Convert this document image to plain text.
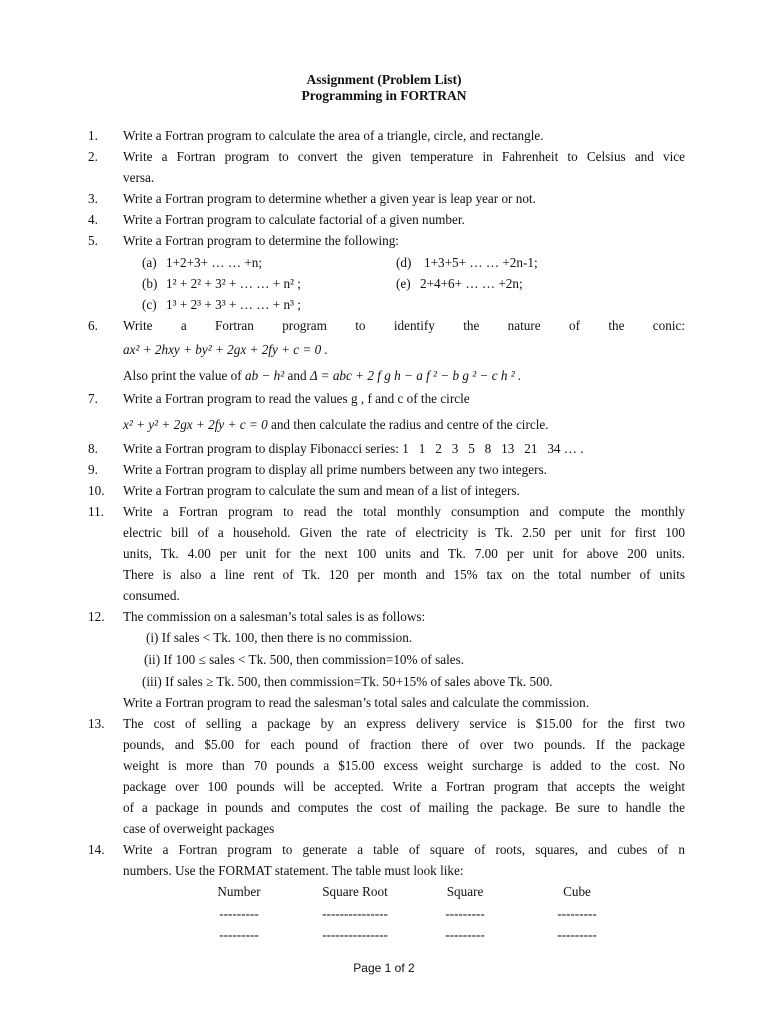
Assignment (Problem List)
Programming in FORTRAN
1.	Write a Fortran program to calculate the area of a triangle, circle, and rectangle.
2.	Write a Fortran program to convert the given temperature in Fahrenheit to Celsius and vice
versa.
3.	Write a Fortran program to determine whether a given year is leap year or not.
4.	Write a Fortran program to calculate factorial of a given number.
5.	Write a Fortran program to determine the following:
(a) 1+2+3+ … … +n;	(d) 1+3+5+ … … +2n-1;
(b) 1² + 2² + 3² + … … + n² ;	(e) 2+4+6+ … … +2n;
(c) 1³ + 2³ + 3³ + … … + n³ ;
6.	Write a Fortran program to identify the nature of the conic:
ax² + 2hxy + by² + 2gx + 2fy + c = 0 .
Also print the value of ab − h² and Δ = abc + 2 f g h − a f ² − b g ² − c h ² .
7.	Write a Fortran program to read the values g , f and c of the circle
x² + y² + 2gx + 2fy + c = 0 and then calculate the radius and centre of the circle.
8.	Write a Fortran program to display Fibonacci series: 1   1   2   3   5   8   13   21   34 … .
9.	Write a Fortran program to display all prime numbers between any two integers.
10.	Write a Fortran program to calculate the sum and mean of a list of integers.
11.	Write a Fortran program to read the total monthly consumption and compute the monthly
electric bill of a household. Given the rate of electricity is Tk. 2.50 per unit for first 100
units, Tk. 4.00 per unit for the next 100 units and Tk. 7.00 per unit for above 200 units.
There is also a line rent of Tk. 120 per month and 15% tax on the total number of units
consumed.
12.	The commission on a salesman’s total sales is as follows:
(i) If sales < Tk. 100, then there is no commission.
(ii) If 100 ≤ sales < Tk. 500, then commission=10% of sales.
(iii) If sales ≥ Tk. 500, then commission=Tk. 50+15% of sales above Tk. 500.
Write a Fortran program to read the salesman’s total sales and calculate the commission.
13.	The cost of selling a package by an express delivery service is $15.00 for the first two
pounds, and $5.00 for each pound of fraction there of over two pounds. If the package
weight is more than 70 pounds a $15.00 excess weight surcharge is added to the cost. No
package over 100 pounds will be accepted. Write a Fortran program that accepts the weight
of a package in pounds and computes the cost of mailing the package. Be sure to handle the
case of overweight packages
14.	Write a Fortran program to generate a table of square of roots, squares, and cubes of n
numbers. Use the FORMAT statement. The table must look like:
Number	Square Root	Square	Cube
---------	---------------	---------	---------
---------	---------------	---------	---------
Page 1 of 2
